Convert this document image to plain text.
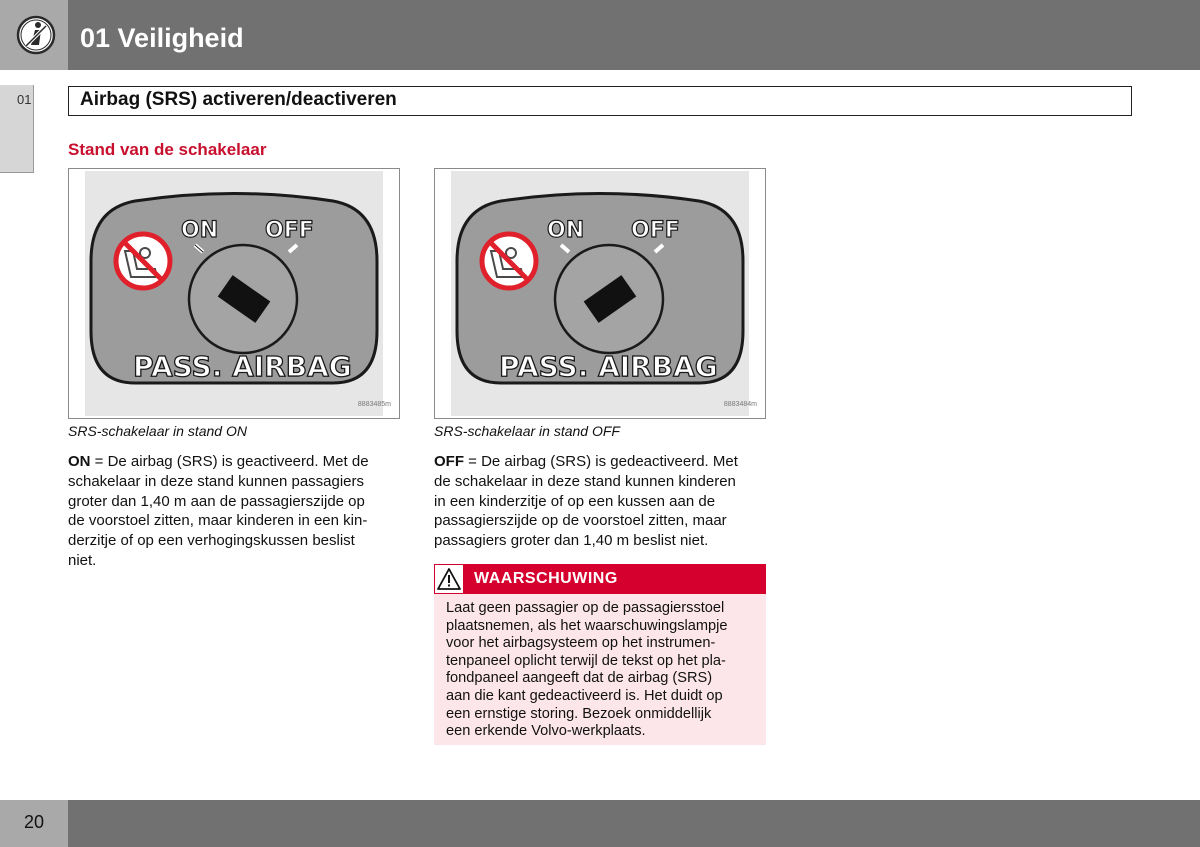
01 Veiligheid
01	Airbag (SRS) activeren/deactiveren
Stand van de schakelaar
ON OFF
PASS. AIRBAG
8883485m
SRS-schakelaar in stand ON
ON OFF
PASS. AIRBAG
8883484m
SRS-schakelaar in stand OFF
ON = De airbag (SRS) is geactiveerd. Met de
schakelaar in deze stand kunnen passagiers
groter dan 1,40 m aan de passagierszijde op
de voorstoel zitten, maar kinderen in een kin-
derzitje of op een verhogingskussen beslist
niet.
OFF = De airbag (SRS) is gedeactiveerd. Met
de schakelaar in deze stand kunnen kinderen
in een kinderzitje of op een kussen aan de
passagierszijde op de voorstoel zitten, maar
passagiers groter dan 1,40 m beslist niet.
WAARSCHUWING
Laat geen passagier op de passagiersstoel
plaatsnemen, als het waarschuwingslampje
voor het airbagsysteem op het instrumen-
tenpaneel oplicht terwijl de tekst op het pla-
fondpaneel aangeeft dat de airbag (SRS)
aan die kant gedeactiveerd is. Het duidt op
een ernstige storing. Bezoek onmiddellijk
een erkende Volvo-werkplaats.
20
